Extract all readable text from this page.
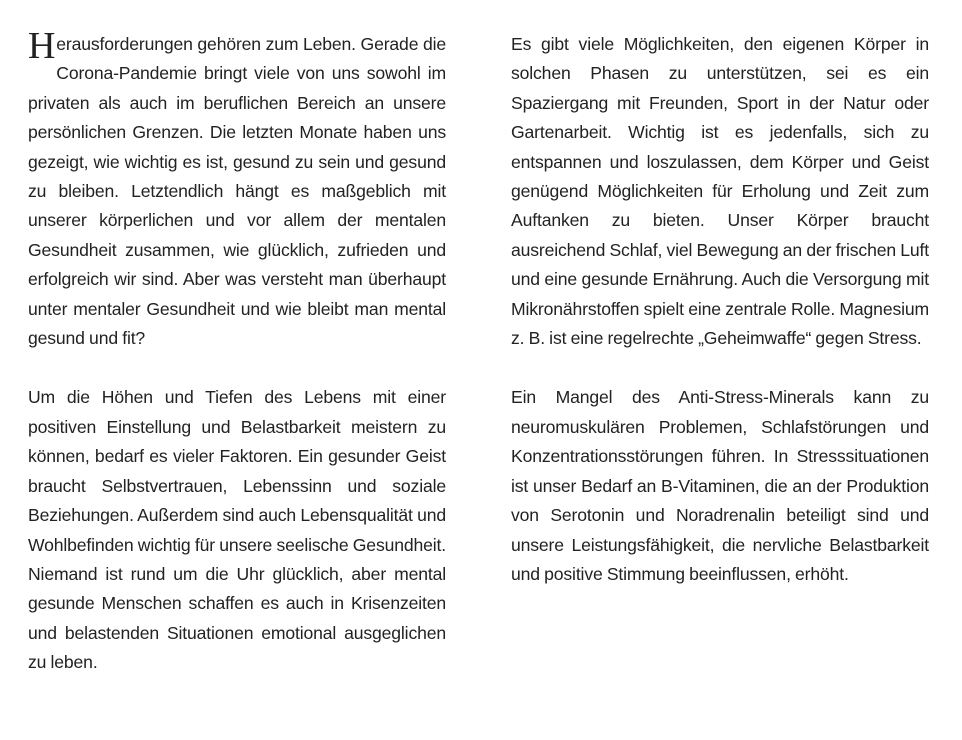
Herausforderungen gehören zum Leben. Gerade die Corona-Pandemie bringt viele von uns sowohl im privaten als auch im beruflichen Bereich an unsere persönlichen Grenzen. Die letzten Monate haben uns gezeigt, wie wichtig es ist, gesund zu sein und gesund zu bleiben. Letztendlich hängt es maßgeblich mit unserer körperlichen und vor allem der mentalen Gesundheit zusammen, wie glücklich, zufrieden und erfolgreich wir sind. Aber was versteht man überhaupt unter mentaler Gesundheit und wie bleibt man mental gesund und fit?

Um die Höhen und Tiefen des Lebens mit einer positiven Einstellung und Belastbarkeit meistern zu können, bedarf es vieler Faktoren. Ein gesunder Geist braucht Selbstvertrauen, Lebenssinn und soziale Beziehungen. Außerdem sind auch Lebensqualität und Wohlbefinden wichtig für unsere seelische Gesundheit. Niemand ist rund um die Uhr glücklich, aber mental gesunde Menschen schaffen es auch in Krisenzeiten und belastenden Situationen emotional ausgeglichen zu leben.

Es gibt viele Möglichkeiten, den eigenen Körper in solchen Phasen zu unterstützen, sei es ein Spaziergang mit Freunden, Sport in der Natur oder Gartenarbeit. Wichtig ist es jedenfalls, sich zu entspannen und loszulassen, dem Körper und Geist genügend Möglichkeiten für Erholung und Zeit zum Auftanken zu bieten. Unser Körper braucht ausreichend Schlaf, viel Bewegung an der frischen Luft und eine gesunde Ernährung. Auch die Versorgung mit Mikronährstoffen spielt eine zentrale Rolle. Magnesium z. B. ist eine regelrechte „Geheimwaffe“ gegen Stress.

Ein Mangel des Anti-Stress-Minerals kann zu neuromuskulären Problemen, Schlafstörungen und Konzentrationsstörungen führen. In Stresssituationen ist unser Bedarf an B-Vitaminen, die an der Produktion von Serotonin und Noradrenalin beteiligt sind und unsere Leistungsfähigkeit, die nervliche Belastbarkeit und positive Stimmung beeinflussen, erhöht.
